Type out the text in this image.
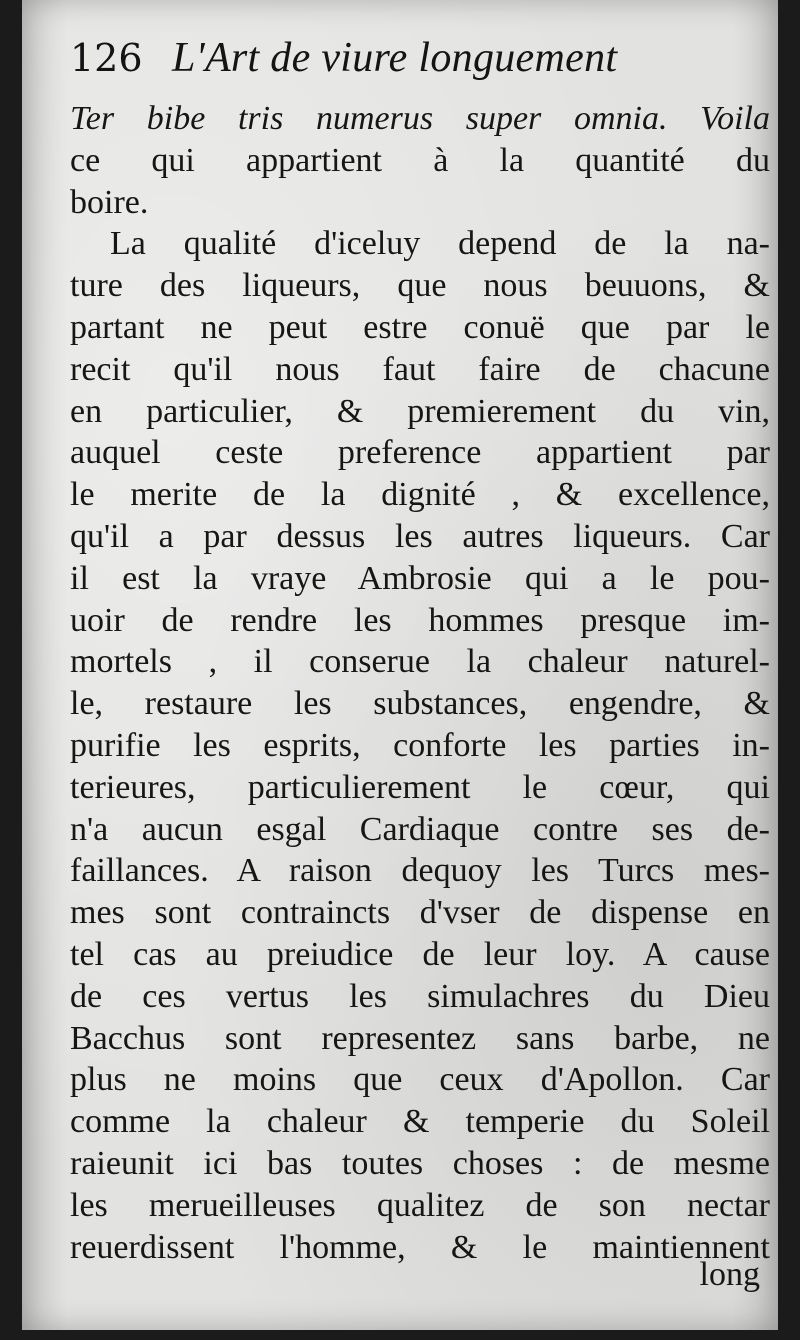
126 L'Art de viure longuement
Ter bibe tris numerus super omnia. Voila
ce qui appartient à la quantité du
boire.
La qualité d'iceluy depend de la na-
ture des liqueurs, que nous beuuons, &
partant ne peut estre conuë que par le
recit qu'il nous faut faire de chacune
en particulier, & premierement du vin,
auquel ceste preference appartient par
le merite de la dignité , & excellence,
qu'il a par dessus les autres liqueurs. Car
il est la vraye Ambrosie qui a le pou-
uoir de rendre les hommes presque im-
mortels , il conserue la chaleur naturel-
le, restaure les substances, engendre, &
purifie les esprits, conforte les parties in-
terieures, particulierement le cœur, qui
n'a aucun esgal Cardiaque contre ses de-
faillances. A raison dequoy les Turcs mes-
mes sont contraincts d'vser de dispense en
tel cas au preiudice de leur loy. A cause
de ces vertus les simulachres du Dieu
Bacchus sont representez sans barbe, ne
plus ne moins que ceux d'Apollon. Car
comme la chaleur & temperie du Soleil
raieunit ici bas toutes choses : de mesme
les merueilleuses qualitez de son nectar
reuerdissent l'homme, & le maintiennent
long
